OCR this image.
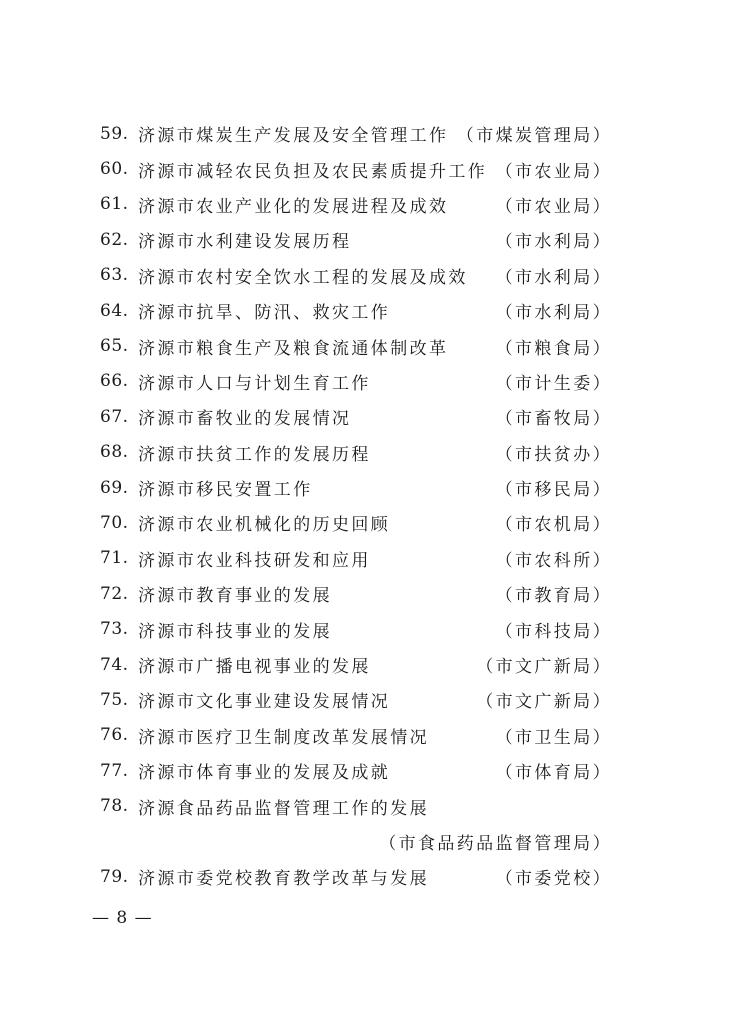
59. 济源市煤炭生产发展及安全管理工作 （市煤炭管理局）
60. 济源市减轻农民负担及农民素质提升工作 （市农业局）
61. 济源市农业产业化的发展进程及成效	（市农业局）
62. 济源市水利建设发展历程	（市水利局）
63. 济源市农村安全饮水工程的发展及成效	（市水利局）
64. 济源市抗旱、防汛、救灾工作	（市水利局）
65. 济源市粮食生产及粮食流通体制改革	（市粮食局）
66. 济源市人口与计划生育工作	（市计生委）
67. 济源市畜牧业的发展情况	（市畜牧局）
68. 济源市扶贫工作的发展历程	（市扶贫办）
69. 济源市移民安置工作	（市移民局）
70. 济源市农业机械化的历史回顾	（市农机局）
71. 济源市农业科技研发和应用	（市农科所）
72. 济源市教育事业的发展	（市教育局）
73. 济源市科技事业的发展	（市科技局）
74. 济源市广播电视事业的发展	（市文广新局）
75. 济源市文化事业建设发展情况	（市文广新局）
76. 济源市医疗卫生制度改革发展情况	（市卫生局）
77. 济源市体育事业的发展及成就	（市体育局）
78. 济源食品药品监督管理工作的发展
（市食品药品监督管理局）
79. 济源市委党校教育教学改革与发展	（市委党校）
— 8 —
